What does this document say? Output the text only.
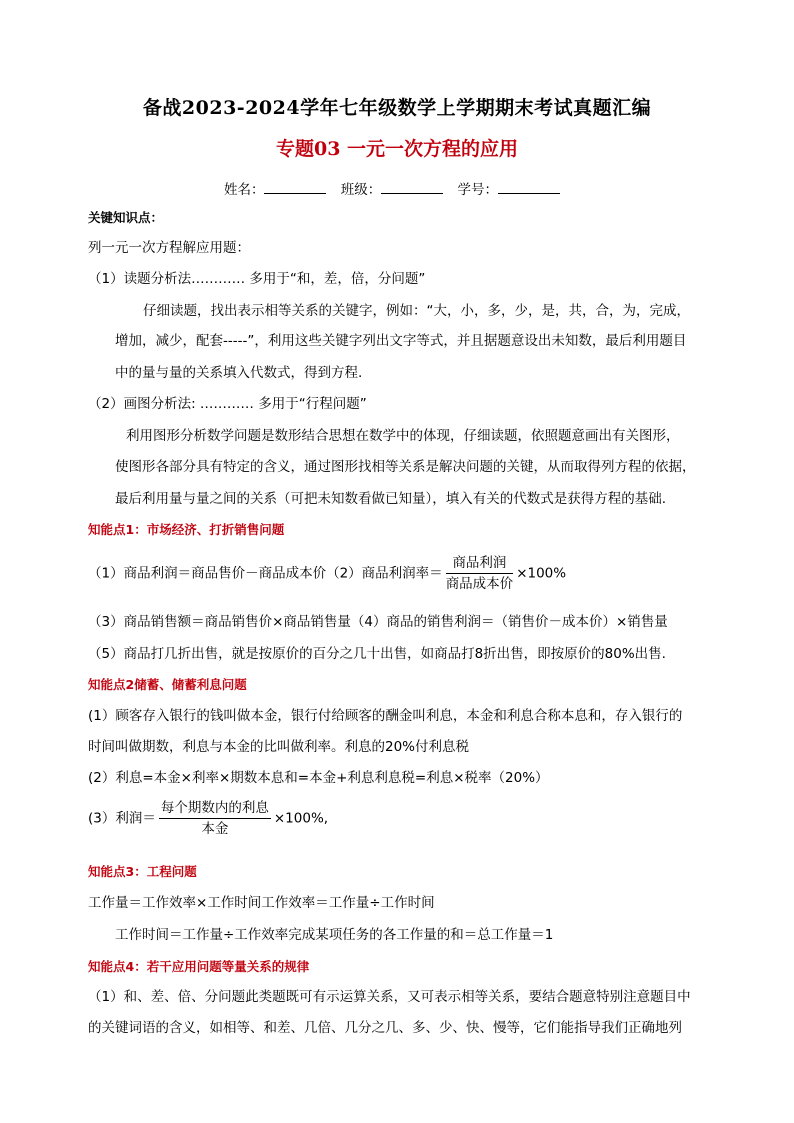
备战2023-2024学年七年级数学上学期期末考试真题汇编
专题03 一元一次方程的应用
姓名：	班级：	学号：
关键知识点：
列一元一次方程解应用题：
（1）读题分析法………… 多用于“和，差，倍，分问题”
仔细读题，找出表示相等关系的关键字，例如：“大，小，多，少，是，共，合，为，完成，
增加，减少，配套-----”，利用这些关键字列出文字等式，并且据题意设出未知数，最后利用题目
中的量与量的关系填入代数式，得到方程.
（2）画图分析法: ………… 多用于“行程问题”
利用图形分析数学问题是数形结合思想在数学中的体现，仔细读题，依照题意画出有关图形，
使图形各部分具有特定的含义，通过图形找相等关系是解决问题的关键，从而取得列方程的依据，
最后利用量与量之间的关系（可把未知数看做已知量），填入有关的代数式是获得方程的基础.
知能点1：市场经济、打折销售问题
（1）商品利润＝商品售价－商品成本价（2）商品利润率＝ $\frac{\text{商品利润}}{\text{商品成本价}} \times 100\%$
（3）商品销售额＝商品销售价×商品销售量（4）商品的销售利润＝（销售价－成本价）×销售量
（5）商品打几折出售，就是按原价的百分之几十出售，如商品打8折出售，即按原价的80%出售.
知能点2储蓄、储蓄利息问题
(1）顾客存入银行的钱叫做本金，银行付给顾客的酬金叫利息，本金和利息合称本息和，存入银行的
时间叫做期数，利息与本金的比叫做利率。利息的20%付利息税
(2）利息=本金×利率×期数本息和=本金+利息利息税=利息×税率（20%）
(3）利润＝ $\frac{\text{每个期数内的利息}}{\text{本金}} \times 100\%$,
知能点3：工程问题
工作量＝工作效率×工作时间工作效率＝工作量÷工作时间
工作时间＝工作量÷工作效率完成某项任务的各工作量的和＝总工作量＝1
知能点4：若干应用问题等量关系的规律
（1）和、差、倍、分问题此类题既可有示运算关系，又可表示相等关系，要结合题意特别注意题目中
的关键词语的含义，如相等、和差、几倍、几分之几、多、少、快、慢等，它们能指导我们正确地列
